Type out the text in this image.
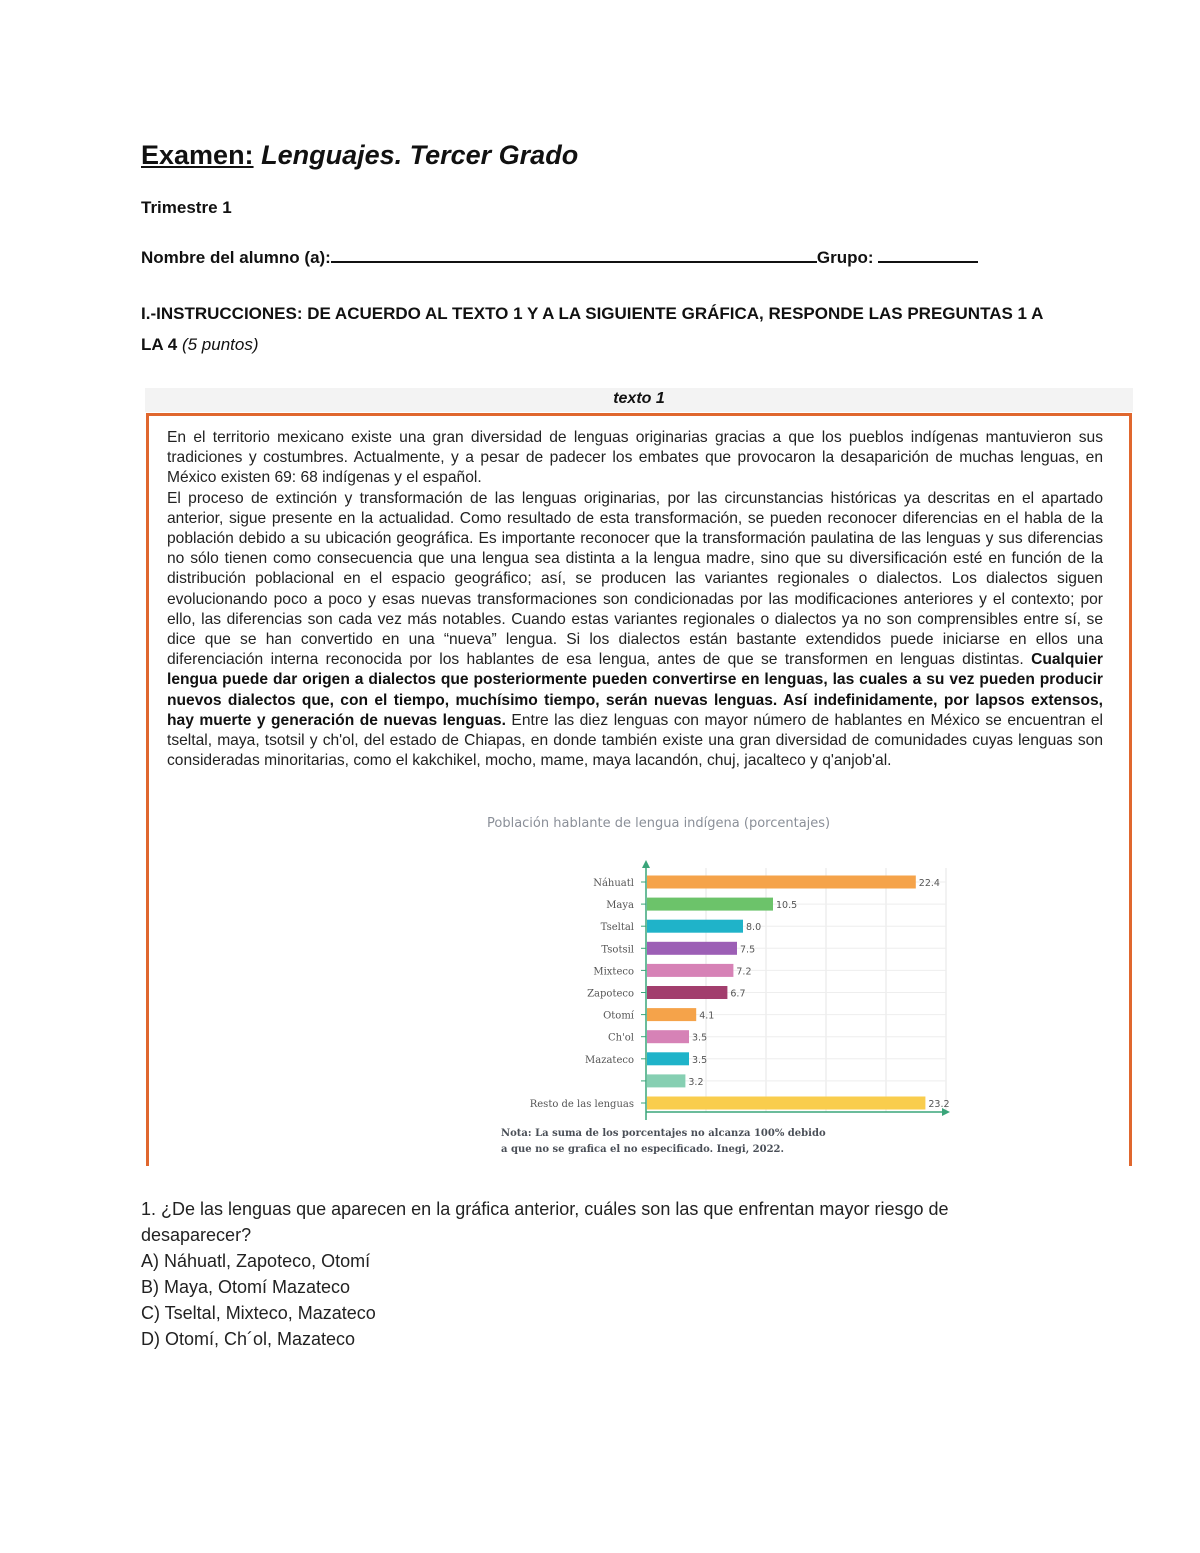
Examen: Lenguajes. Tercer Grado
Trimestre 1
Nombre del alumno (a):	Grupo:
I.-INSTRUCCIONES: DE ACUERDO AL TEXTO 1 Y A LA SIGUIENTE GRÁFICA, RESPONDE LAS PREGUNTAS 1 A LA 4 (5 puntos)
texto 1

En el territorio mexicano existe una gran diversidad de lenguas originarias gracias a que los pueblos indígenas mantuvieron sus tradiciones y costumbres. Actualmente, y a pesar de padecer los embates que provocaron la desaparición de muchas lenguas, en México existen 69: 68 indígenas y el español.

El proceso de extinción y transformación de las lenguas originarias, por las circunstancias históricas ya descritas en el apartado anterior, sigue presente en la actualidad. Como resultado de esta transformación, se pueden reconocer diferencias en el habla de la población debido a su ubicación geográfica. Es importante reconocer que la transformación paulatina de las lenguas y sus diferencias no sólo tienen como consecuencia que una lengua sea distinta a la lengua madre, sino que su diversificación esté en función de la distribución poblacional en el espacio geográfico; así, se producen las variantes regionales o dialectos. Los dialectos siguen evolucionando poco a poco y esas nuevas transformaciones son condicionadas por las modificaciones anteriores y el contexto; por ello, las diferencias son cada vez más notables. Cuando estas variantes regionales o dialectos ya no son comprensibles entre sí, se dice que se han convertido en una “nueva” lengua. Si los dialectos están bastante extendidos puede iniciarse en ellos una diferenciación interna reconocida por los hablantes de esa lengua, antes de que se transformen en lenguas distintas. Cualquier lengua puede dar origen a dialectos que posteriormente pueden convertirse en lenguas, las cuales a su vez pueden producir nuevos dialectos que, con el tiempo, muchísimo tiempo, serán nuevas lenguas. Así indefinidamente, por lapsos extensos, hay muerte y generación de nuevas lenguas. Entre las diez lenguas con mayor número de hablantes en México se encuentran el tseltal, maya, tsotsil y ch'ol, del estado de Chiapas, en donde también existe una gran diversidad de comunidades cuyas lenguas son consideradas minoritarias, como el kakchikel, mocho, mame, maya lacandón, chuj, jacalteco y q'anjob'al.

Población hablante de lengua indígena (porcentajes)
Náhuatl	22.4
Maya	10.5
Tseltal	8.0
Tsotsil	7.5
Mixteco	7.2
Zapoteco	6.7
Otomí	4.1
Ch'ol	3.5
Mazateco	3.5
3.2
Resto de las lenguas	23.2
Nota: La suma de los porcentajes no alcanza 100% debido a que no se grafica el no especificado. Inegi, 2022.
1. ¿De las lenguas que aparecen en la gráfica anterior, cuáles son las que enfrentan mayor riesgo de desaparecer?
A) Náhuatl, Zapoteco, Otomí
B) Maya, Otomí Mazateco
C) Tseltal, Mixteco, Mazateco
D) Otomí, Ch´ol, Mazateco
